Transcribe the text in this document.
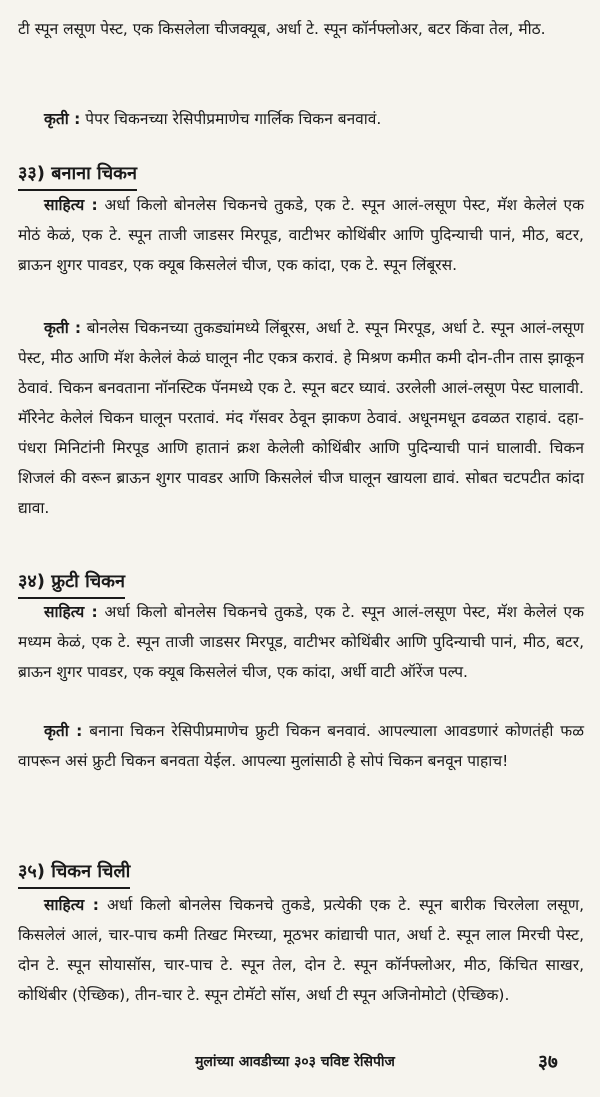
टी स्पून लसूण पेस्ट, एक किसलेला चीजक्यूब, अर्धा टे. स्पून कॉर्नफ्लोअर, बटर किंवा तेल, मीठ.

कृती : पेपर चिकनच्या रेसिपीप्रमाणेच गार्लिक चिकन बनवावं.

३३) बनाना चिकन

साहित्य : अर्धा किलो बोनलेस चिकनचे तुकडे, एक टे. स्पून आलं-लसूण पेस्ट, मॅश केलेलं एक मोठं केळं, एक टे. स्पून ताजी जाडसर मिरपूड, वाटीभर कोथिंबीर आणि पुदिन्याची पानं, मीठ, बटर, ब्राऊन शुगर पावडर, एक क्यूब किसलेलं चीज, एक कांदा, एक टे. स्पून लिंबूरस.

कृती : बोनलेस चिकनच्या तुकड्यांमध्ये लिंबूरस, अर्धा टे. स्पून मिरपूड, अर्धा टे. स्पून आलं-लसूण पेस्ट, मीठ आणि मॅश केलेलं केळं घालून नीट एकत्र करावं. हे मिश्रण कमीत कमी दोन-तीन तास झाकून ठेवावं. चिकन बनवताना नॉनस्टिक पॅनमध्ये एक टे. स्पून बटर घ्यावं. उरलेली आलं-लसूण पेस्ट घालावी. मॅरिनेट केलेलं चिकन घालून परतावं. मंद गॅसवर ठेवून झाकण ठेवावं. अधूनमधून ढवळत राहावं. दहा-पंधरा मिनिटांनी मिरपूड आणि हातानं क्रश केलेली कोथिंबीर आणि पुदिन्याची पानं घालावी. चिकन शिजलं की वरून ब्राऊन शुगर पावडर आणि किसलेलं चीज घालून खायला द्यावं. सोबत चटपटीत कांदा द्यावा.

३४) फ्रुटी चिकन

साहित्य : अर्धा किलो बोनलेस चिकनचे तुकडे, एक टे. स्पून आलं-लसूण पेस्ट, मॅश केलेलं एक मध्यम केळं, एक टे. स्पून ताजी जाडसर मिरपूड, वाटीभर कोथिंबीर आणि पुदिन्याची पानं, मीठ, बटर, ब्राऊन शुगर पावडर, एक क्यूब किसलेलं चीज, एक कांदा, अर्धी वाटी ऑरेंज पल्प.

कृती : बनाना चिकन रेसिपीप्रमाणेच फ्रुटी चिकन बनवावं. आपल्याला आवडणारं कोणतंही फळ वापरून असं फ्रुटी चिकन बनवता येईल. आपल्या मुलांसाठी हे सोपं चिकन बनवून पाहाच!

३५) चिकन चिली

साहित्य : अर्धा किलो बोनलेस चिकनचे तुकडे, प्रत्येकी एक टे. स्पून बारीक चिरलेला लसूण, किसलेलं आलं, चार-पाच कमी तिखट मिरच्या, मूठभर कांद्याची पात, अर्धा टे. स्पून लाल मिरची पेस्ट, दोन टे. स्पून सोयासॉस, चार-पाच टे. स्पून तेल, दोन टे. स्पून कॉर्नफ्लोअर, मीठ, किंचित साखर, कोथिंबीर (ऐच्छिक), तीन-चार टे. स्पून टोमॅटो सॉस, अर्धा टी स्पून अजिनोमोटो (ऐच्छिक).

मुलांच्या आवडीच्या ३०३ चविष्ट रेसिपीज	३७
